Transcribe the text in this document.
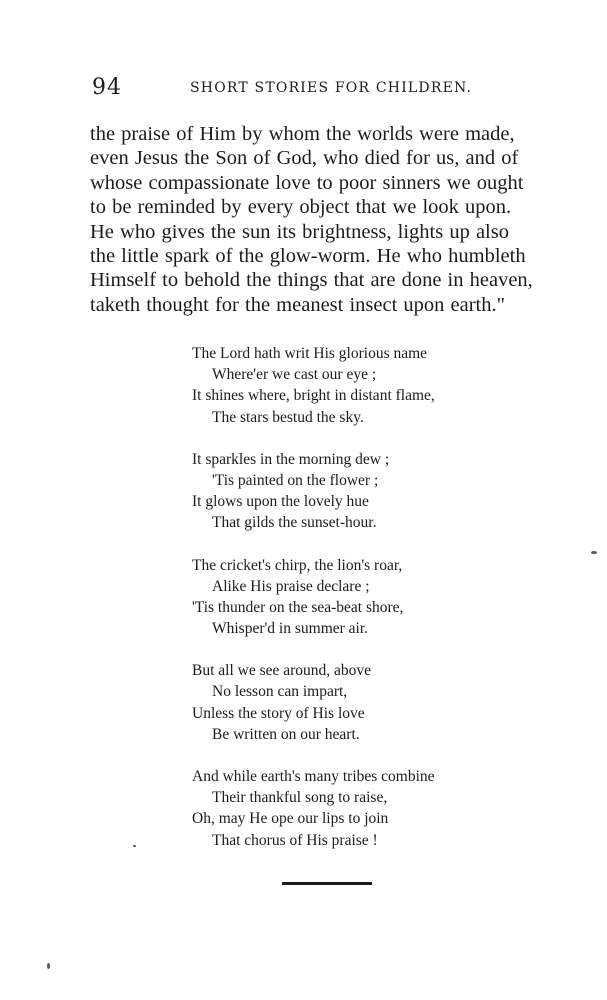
94	SHORT STORIES FOR CHILDREN.
the praise of Him by whom the worlds were made,
even Jesus the Son of God, who died for us, and of
whose compassionate love to poor sinners we ought
to be reminded by every object that we look upon.
He who gives the sun its brightness, lights up also
the little spark of the glow-worm. He who humbleth
Himself to behold the things that are done in heaven,
taketh thought for the meanest insect upon earth."
The Lord hath writ His glorious name
Where'er we cast our eye ;
It shines where, bright in distant flame,
The stars bestud the sky.
It sparkles in the morning dew ;
'Tis painted on the flower ;
It glows upon the lovely hue
That gilds the sunset-hour.
The cricket's chirp, the lion's roar,
Alike His praise declare ;
'Tis thunder on the sea-beat shore,
Whisper'd in summer air.
But all we see around, above
No lesson can impart,
Unless the story of His love
Be written on our heart.
And while earth's many tribes combine
Their thankful song to raise,
Oh, may He ope our lips to join
That chorus of His praise !
